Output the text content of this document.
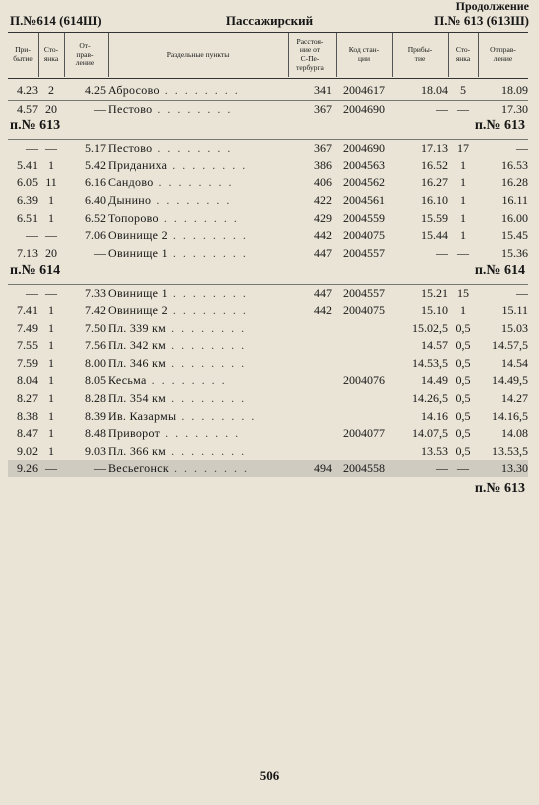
Продолжение
П.№614 (614Ш)	Пассажирский	П.№ 613 (613Ш)
При-
бытие
Сто-
янка
От-
прав-
ление
Раздельные пункты
Расстоя-
ние от
С-Пе-
тербурга
Код стан-
ции
Прибы-
тие
Сто-
янка
Отправ-
ление
4.23 2	4.25 Абросово . . . . . . . .	341 2004617	18.04	5	18.09
4.57 20	— Пестово . . . . . . . .	367 2004690	— —	17.30
п.№ 613	п.№ 613
— —	5.17 Пестово . . . . . . . .	367 2004690	17.13 17	—
5.41 1	5.42 Приданиха . . . . . . . .	386 2004563	16.52	1	16.53
6.05 11	6.16 Сандово . . . . . . . .	406 2004562	16.27	1	16.28
6.39 1	6.40 Дынино . . . . . . . .	422 2004561	16.10	1	16.11
6.51 1	6.52 Топорово . . . . . . . .	429 2004559	15.59	1	16.00
— —	7.06 Овинище 2 . . . . . . . .	442 2004075	15.44	1	15.45
7.13 20	— Овинище 1 . . . . . . . .	447 2004557	— —	15.36
п.№ 614	п.№ 614
— —	7.33 Овинище 1 . . . . . . . .	447 2004557	15.21 15	—
7.41 1	7.42 Овинище 2 . . . . . . . .	442 2004075	15.10	1	15.11
7.49 1	7.50 Пл. 339 км . . . . . . . .	15.02,5 0,5	15.03
7.55 1	7.56 Пл. 342 км . . . . . . . .	14.57 0,5	14.57,5
7.59 1	8.00 Пл. 346 км . . . . . . . .	14.53,5 0,5	14.54
8.04 1	8.05 Кесьма . . . . . . . .	2004076	14.49 0,5	14.49,5
8.27 1	8.28 Пл. 354 км . . . . . . . .	14.26,5 0,5	14.27
8.38 1	8.39 Ив. Казармы . . . . . . . .	14.16 0,5	14.16,5
8.47 1	8.48 Приворот . . . . . . . .	2004077	14.07,5 0,5	14.08
9.02 1	9.03 Пл. 366 км . . . . . . . .	13.53 0,5	13.53,5
9.26 —	— Весьегонск . . . . . . . .	494 2004558	— —	13.30
п.№ 613
506
